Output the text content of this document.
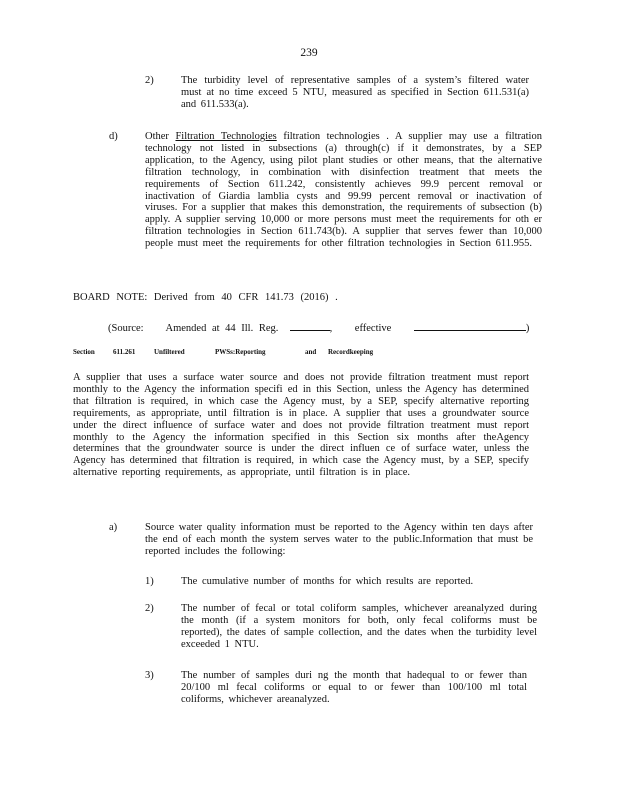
239
2)	The turbidity level of representative samples of a system’s filtered water must at no time exceed 5 NTU, measured as specified in Section 611.531(a) and 611.533(a).
d)	Other Filtration Technologies filtration technologies . A supplier may use a filtration technology not listed in subsections (a) through(c) if it demonstrates, by a SEP application, to the Agency, using pilot plant studies or other means, that the alternative filtration technology, in combination with disinfection treatment that meets the requirements of Section 611.242, consistently achieves 99.9 percent removal or inactivation of Giardia lamblia cysts and 99.99 percent removal or inactivation of viruses. For a supplier that makes this demonstration, the requirements of subsection (b) apply. A supplier serving 10,000 or more persons must meet the requirements for oth er filtration technologies in Section 611.743(b). A supplier that serves fewer than 10,000 people must meet the requirements for other filtration technologies in Section 611.955.
BOARD NOTE: Derived from 40 CFR 141.73 (2016) .
(Source: Amended at 44 Ill. Reg.	,    effective	)
Section	611.261	Unfiltered	PWSs:Reporting	and Recordkeeping
A supplier that uses a surface water source and does not provide filtration treatment must report monthly to the Agency the information specifi ed in this Section, unless the Agency has determined that filtration is required, in which case the Agency must, by a SEP, specify alternative reporting requirements, as appropriate, until filtration is in place. A supplier that uses a groundwater source under the direct influence of surface water and does not provide filtration treatment must report monthly to the Agency the information specified in this Section six months after theAgency determines that the groundwater source is under the direct influen ce of surface water, unless the Agency has determined that filtration is required, in which case the Agency must, by a SEP, specify alternative reporting requirements, as appropriate, until filtration is in place.
a)	Source water quality information must be reported to the Agency within ten days after the end of each month the system serves water to the public.Information that must be reported includes the following:
1)	The cumulative number of months for which results are reported.
2)	The number of fecal or total coliform samples, whichever areanalyzed during the month (if a system monitors for both, only fecal coliforms must be reported), the dates of sample collection, and the dates when the turbidity level exceeded 1 NTU.
3)	The number of samples duri ng the month that hadequal to or fewer than 20/100 ml fecal coliforms or equal to or fewer than 100/100 ml total coliforms, whichever areanalyzed.
